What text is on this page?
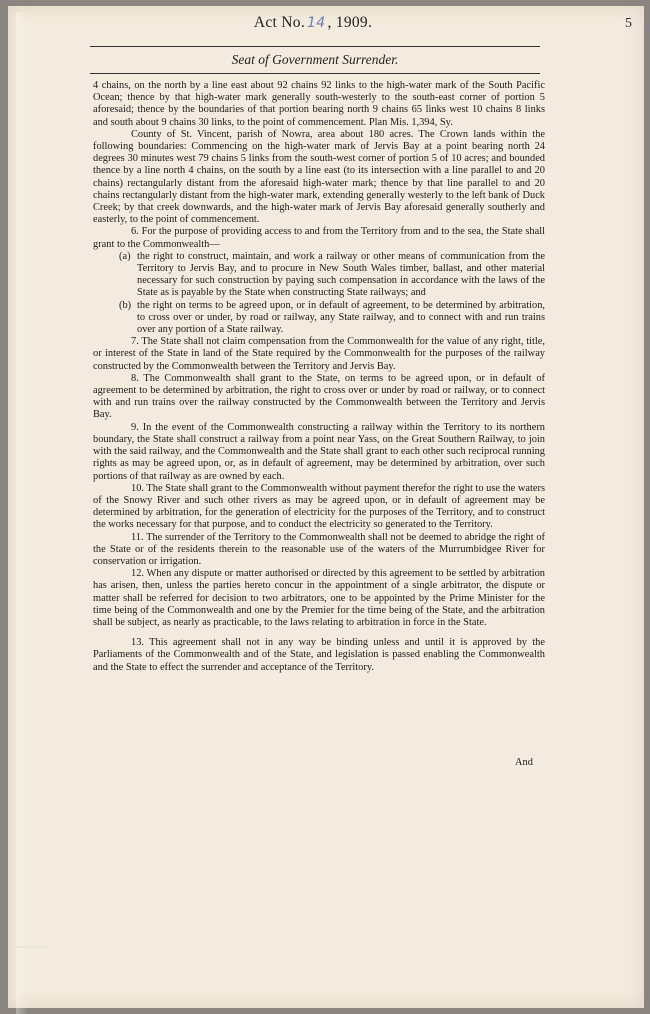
Act No. 14 , 1909.	5
Seat of Government Surrender.

4 chains, on the north by a line east about 92 chains 92 links to the high-water mark of the South Pacific Ocean; thence by that high-water mark generally south-westerly to the south-east corner of portion 5 aforesaid; thence by the boundaries of that portion bearing north 9 chains 65 links west 10 chains 8 links and south about 9 chains 30 links, to the point of commencement. Plan Mis. 1,394, Sy.

County of St. Vincent, parish of Nowra, area about 180 acres. The Crown lands within the following boundaries: Commencing on the high-water mark of Jervis Bay at a point bearing north 24 degrees 30 minutes west 79 chains 5 links from the south-west corner of portion 5 of 10 acres; and bounded thence by a line north 4 chains, on the south by a line east (to its intersection with a line parallel to and 20 chains) rectangularly distant from the aforesaid high-water mark; thence by that line parallel to and 20 chains rectangularly distant from the high-water mark, extending generally westerly to the left bank of Duck Creek; by that creek downwards, and the high-water mark of Jervis Bay aforesaid generally southerly and easterly, to the point of commencement.

6. For the purpose of providing access to and from the Territory from and to the sea, the State shall grant to the Commonwealth—

(a) the right to construct, maintain, and work a railway or other means of communication from the Territory to Jervis Bay, and to procure in New South Wales timber, ballast, and other material necessary for such construction by paying such compensation in accordance with the laws of the State as is payable by the State when constructing State railways; and
(b) the right on terms to be agreed upon, or in default of agreement, to be determined by arbitration, to cross over or under, by road or railway, any State railway, and to connect with and run trains over any portion of a State railway.

7. The State shall not claim compensation from the Commonwealth for the value of any right, title, or interest of the State in land of the State required by the Commonwealth for the purposes of the railway constructed by the Commonwealth between the Territory and Jervis Bay.

8. The Commonwealth shall grant to the State, on terms to be agreed upon, or in default of agreement to be determined by arbitration, the right to cross over or under by road or railway, or to connect with and run trains over the railway constructed by the Commonwealth between the Territory and Jervis Bay.

9. In the event of the Commonwealth constructing a railway within the Territory to its northern boundary, the State shall construct a railway from a point near Yass, on the Great Southern Railway, to join with the said railway, and the Commonwealth and the State shall grant to each other such reciprocal running rights as may be agreed upon, or, as in default of agreement, may be determined by arbitration, over such portions of that railway as are owned by each.

10. The State shall grant to the Commonwealth without payment therefor the right to use the waters of the Snowy River and such other rivers as may be agreed upon, or in default of agreement may be determined by arbitration, for the generation of electricity for the purposes of the Territory, and to construct the works necessary for that purpose, and to conduct the electricity so generated to the Territory.

11. The surrender of the Territory to the Commonwealth shall not be deemed to abridge the right of the State or of the residents therein to the reasonable use of the waters of the Murrumbidgee River for conservation or irrigation.

12. When any dispute or matter authorised or directed by this agreement to be settled by arbitration has arisen, then, unless the parties hereto concur in the appointment of a single arbitrator, the dispute or matter shall be referred for decision to two arbitrators, one to be appointed by the Prime Minister for the time being of the Commonwealth and one by the Premier for the time being of the State, and the arbitration shall be subject, as nearly as practicable, to the laws relating to arbitration in force in the State.

13. This agreement shall not in any way be binding unless and until it is approved by the Parliaments of the Commonwealth and of the State, and legislation is passed enabling the Commonwealth and the State to effect the surrender and acceptance of the Territory.

And
